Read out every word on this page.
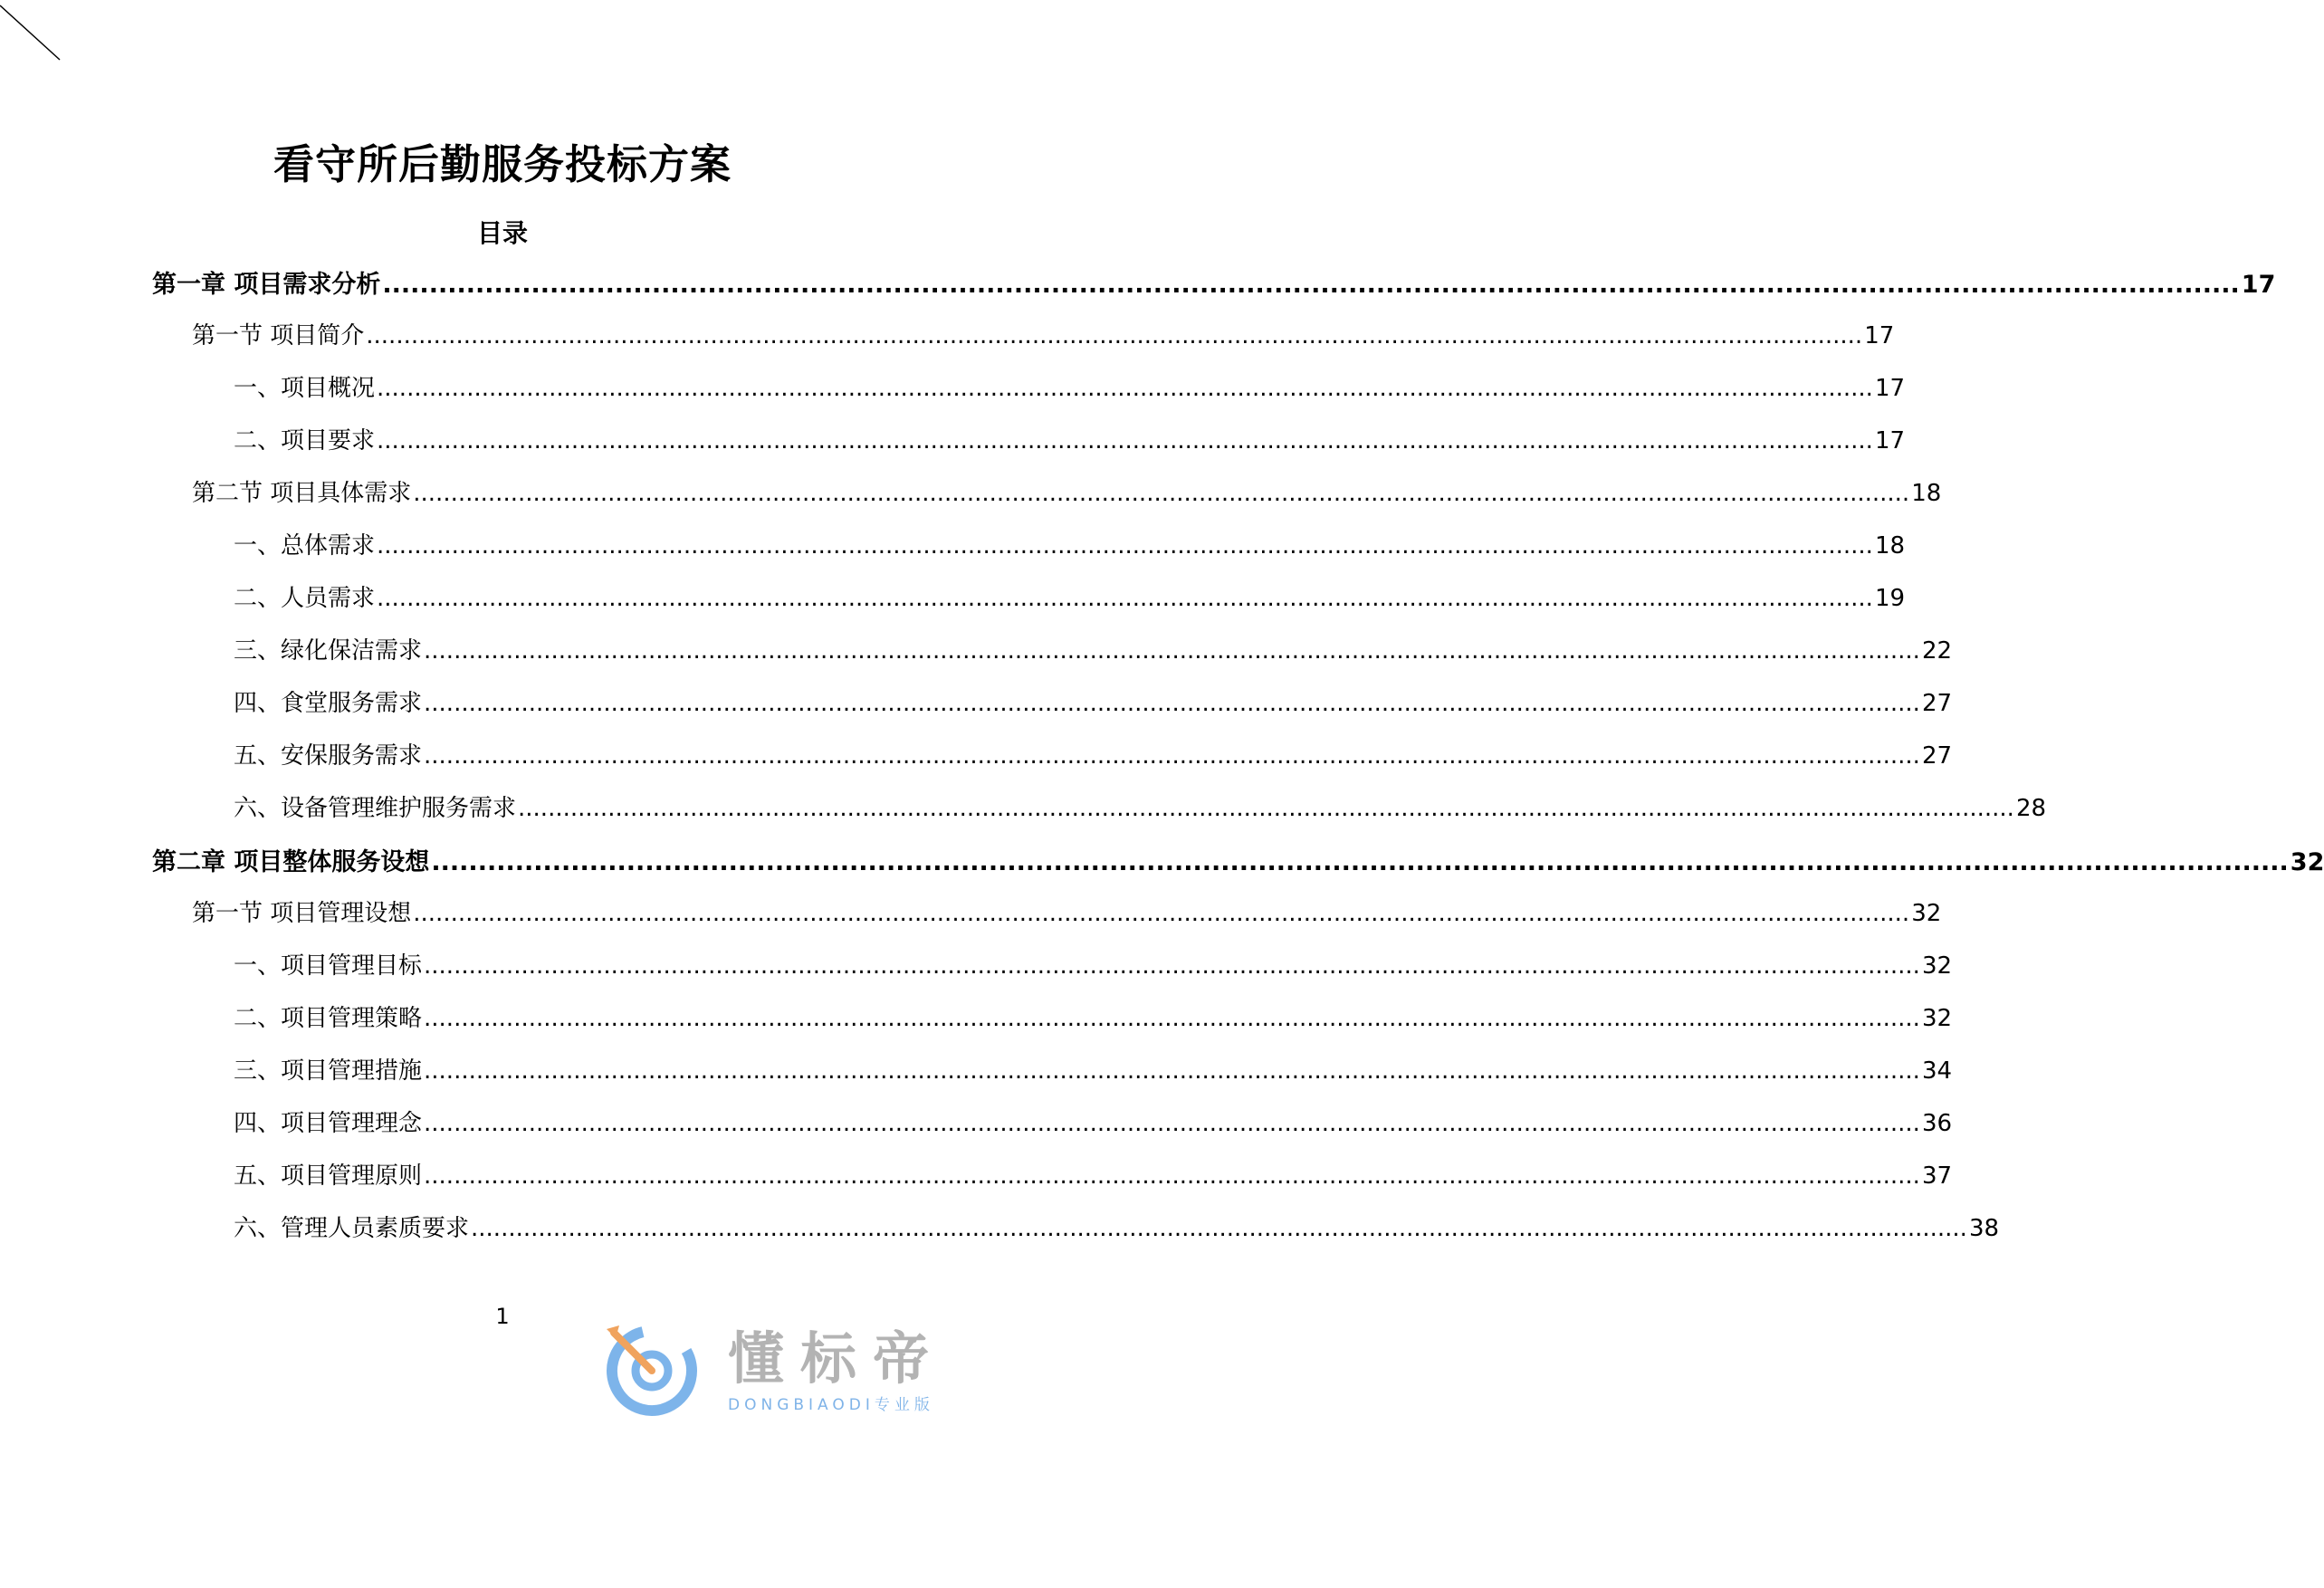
看守所后勤服务投标方案
目录
第一章 项目需求分析 ........................................................................................................................................................................................................ 17
第一节 项目简介 ........................................................................................................................................................................................................ 17
一、项目概况 ........................................................................................................................................................................................................ 17
二、项目要求 ........................................................................................................................................................................................................ 17
第二节 项目具体需求 ........................................................................................................................................................................................................ 18
一、总体需求 ........................................................................................................................................................................................................ 18
二、人员需求 ........................................................................................................................................................................................................ 19
三、绿化保洁需求 ........................................................................................................................................................................................................ 22
四、食堂服务需求 ........................................................................................................................................................................................................ 27
五、安保服务需求 ........................................................................................................................................................................................................ 27
六、设备管理维护服务需求 ........................................................................................................................................................................................................ 28
第二章 项目整体服务设想 ........................................................................................................................................................................................................ 32
第一节 项目管理设想 ........................................................................................................................................................................................................ 32
一、项目管理目标 ........................................................................................................................................................................................................ 32
二、项目管理策略 ........................................................................................................................................................................................................ 32
三、项目管理措施 ........................................................................................................................................................................................................ 34
四、项目管理理念 ........................................................................................................................................................................................................ 36
五、项目管理原则 ........................................................................................................................................................................................................ 37
六、管理人员素质要求 ........................................................................................................................................................................................................ 38
1
懂标帝
DONGBIAODI专业版
